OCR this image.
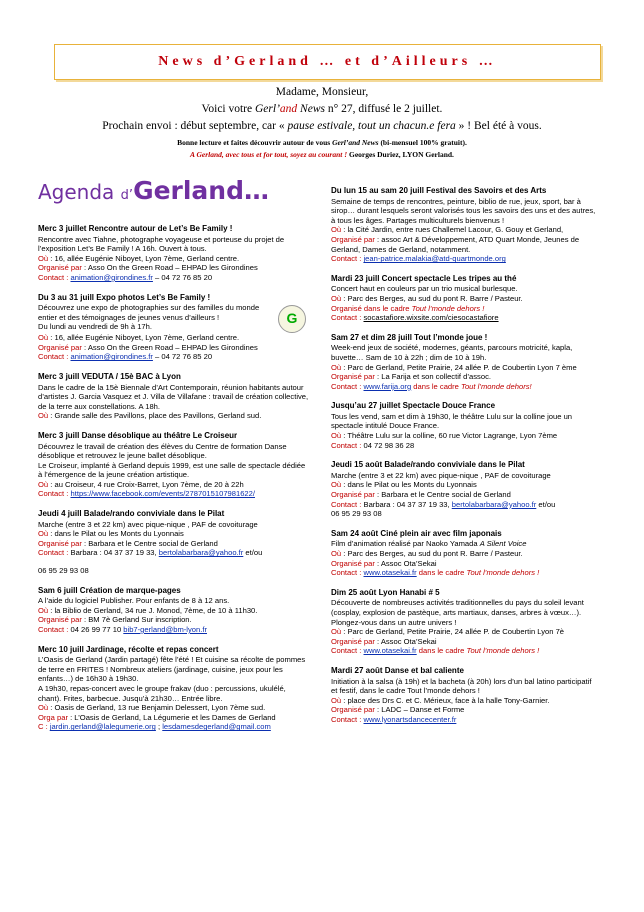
News d’Gerland … et d’Ailleurs …
Madame, Monsieur,
Voici votre Gerl’and News n° 27, diffusé le 2 juillet.
Prochain envoi : début septembre, car « pause estivale, tout un chacun.e fera » ! Bel été à vous.
Bonne lecture et faites découvrir autour de vous Gerl’and News (bi-mensuel 100% gratuit).
A Gerland, avec tous et for tout, soyez au courant ! Georges Duriez, LYON Gerland.
Agenda d’Gerland…

Merc 3 juillet Rencontre autour de Let’s Be Family !

Rencontre avec Tiahne, photographe voyageuse et porteuse du projet de l’exposition Let’s Be Family ! A 16h. Ouvert à tous.

Où : 16, allée Eugénie Niboyet, Lyon 7ème, Gerland centre.

Organisé par : Asso On the Green Road – EHPAD les Girondines

Contact : animation@girondines.fr – 04 72 76 85 20

Du 3 au 31 juill Expo photos Let’s Be Family !

Découvrez une expo de photographies sur des familles du monde entier et des témoignages de jeunes venus d’ailleurs !

Du lundi au vendredi de 9h à 17h.

G

Où : 16, allée Eugénie Niboyet, Lyon 7ème, Gerland centre.

Organisé par : Asso On the Green Road – EHPAD les Girondines

Contact : animation@girondines.fr – 04 72 76 85 20

Merc 3 juill VEDUTA / 15è BAC à Lyon

Dans le cadre de la 15è Biennale d’Art Contemporain, réunion habitants autour d’artistes J. Garcia Vasquez et J. Villa de Villafane : travail de création collective, de la terre aux constellations. A 18h.

Où : Grande salle des Pavillons, place des Pavillons, Gerland sud.

Merc 3 juill Danse désoblique au théâtre Le Croiseur

Découvrez le travail de création des élèves du Centre de formation Danse désoblique et retrouvez le jeune ballet désoblique.

Le Croiseur, implanté à Gerland depuis 1999, est une salle de spectacle dédiée à l’émergence de la jeune création artistique.

Où : au Croiseur, 4 rue Croix-Barret, Lyon 7ème, de 20 à 22h

Contact : https://www.facebook.com/events/2787015107981622/

Jeudi 4 juill Balade/rando conviviale dans le Pilat

Marche (entre 3 et 22 km) avec pique-nique , PAF de covoiturage

Où : dans le Pilat ou les Monts du Lyonnais

Organisé par : Barbara et le Centre social de Gerland

Contact : Barbara : 04 37 37 19 33, bertolabarbara@yahoo.fr et/ou

06 95 29 93 08

Sam 6 juill Création de marque-pages

A l’aide du logiciel Publisher. Pour enfants de 8 à 12 ans.

Où : la Biblio de Gerland, 34 rue J. Monod, 7ème, de 10 à 11h30.

Organisé par : BM 7è Gerland Sur inscription.

Contact : 04 26 99 77 10 bib7-gerland@bm-lyon.fr

Merc 10 juill Jardinage, récolte et repas concert

L’Oasis de Gerland (Jardin partagé) fête l’été ! Et cuisine sa récolte de pommes de terre en FRITES ! Nombreux ateliers (jardinage, cuisine, jeux pour les enfants…) de 16h30 à 19h30.

A 19h30, repas-concert avec le groupe frakav (duo : percussions, ukulélé, chant). Frites, barbecue. Jusqu’à 21h30… Entrée libre.

Où : Oasis de Gerland, 13 rue Benjamin Delessert, Lyon 7ème sud.

Orga par : L’Oasis de Gerland, La Légumerie et les Dames de Gerland

C : jardin.gerland@lalegumerie.org ; lesdamesdegerland@gmail.com

Du lun 15 au sam 20 juill Festival des Savoirs et des Arts

Semaine de temps de rencontres, peinture, biblio de rue, jeux, sport, bar à sirop… durant lesquels seront valorisés tous les savoirs des uns et des autres, à tous les âges. Partages multiculturels bienvenus !

Où : la Cité Jardin, entre rues Challemel Lacour, G. Gouy et Gerland,

Organisé par : assoc Art & Développement, ATD Quart Monde, Jeunes de Gerland, Dames de Gerland, notamment.

Contact : jean-patrice.malakia@atd-quartmonde.org

Mardi 23 juill Concert spectacle Les tripes au thé

Concert haut en couleurs par un trio musical burlesque.

Où : Parc des Berges, au sud du pont R. Barre / Pasteur.

Organisé dans le cadre Tout l’monde dehors !

Contact : socastafiore.wixsite.com/ciesocastafiore

Sam 27 et dim 28 juill Tout l’monde joue !

Week-end jeux de société, modernes, géants, parcours motricité, kapla, buvette… Sam de 10 à 22h ; dim de 10 à 19h.

Où : Parc de Gerland, Petite Prairie, 24 allée P. de Coubertin Lyon 7 ème

Organisé par : La Farija et son collectif d’assoc.

Contact : www.farija.org dans le cadre Tout l’monde dehors!

Jusqu’au 27 juillet Spectacle Douce France

Tous les vend, sam et dim à 19h30, le théâtre Lulu sur la colline joue un spectacle intitulé Douce France.

Où : Théâtre Lulu sur la colline, 60 rue Victor Lagrange, Lyon 7ème

Contact : 04 72 98 36 28

Jeudi 15 août Balade/rando conviviale dans le Pilat

Marche (entre 3 et 22 km) avec pique-nique , PAF de covoiturage

Où : dans le Pilat ou les Monts du Lyonnais

Organisé par : Barbara et le Centre social de Gerland

Contact : Barbara : 04 37 37 19 33, bertolabarbara@yahoo.fr et/ou

06 95 29 93 08

Sam 24 août Ciné plein air avec film japonais

Film d’animation réalisé par Naoko Yamada A Silent Voice

Où : Parc des Berges, au sud du pont R. Barre / Pasteur.

Organisé par : Assoc Ota’Sekai

Contact : www.otasekai.fr dans le cadre Tout l’monde dehors !

Dim 25 août Lyon Hanabi # 5

Découverte de nombreuses activités traditionnelles du pays du soleil levant (cosplay, explosion de pastèque, arts martiaux, danses, arbres à vœux…). Plongez-vous dans un autre univers !

Où : Parc de Gerland, Petite Prairie, 24 allée P. de Coubertin Lyon 7è

Organisé par : Assoc Ota’Sekai

Contact : www.otasekai.fr dans le cadre Tout l’monde dehors !

Mardi 27 août Danse et bal caliente

Initiation à la salsa (à 19h) et la bacheta (à 20h) lors d’un bal latino participatif et festif, dans le cadre Tout l’monde dehors !

Où : place des Drs C. et C. Mérieux, face à la halle Tony-Garnier.

Organisé par : LADC – Danse et Forme

Contact : www.lyonartsdancecenter.fr
